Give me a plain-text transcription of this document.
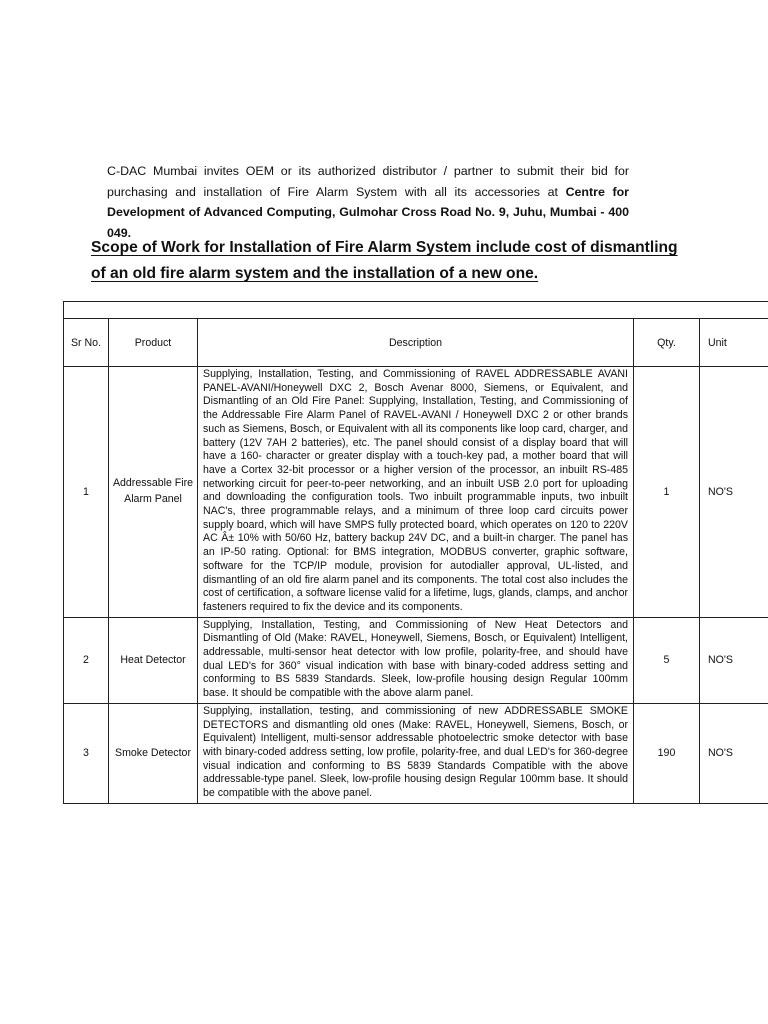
C-DAC Mumbai invites OEM or its authorized distributor / partner to submit their bid for purchasing and installation of Fire Alarm System with all its accessories at Centre for Development of Advanced Computing, Gulmohar Cross Road No. 9, Juhu, Mumbai - 400 049.
Scope of Work for Installation of Fire Alarm System include cost of dismantling of an old fire alarm system and the installation of a new one.

Sr No.	Product	Description	Qty.	Unit
1	Addressable Fire Alarm Panel	Supplying, Installation, Testing, and Commissioning of RAVEL ADDRESSABLE AVANI PANEL-AVANI/Honeywell DXC 2, Bosch Avenar 8000, Siemens, or Equivalent, and Dismantling of an Old Fire Panel: Supplying, Installation, Testing, and Commissioning of the Addressable Fire Alarm Panel of RAVEL-AVANI / Honeywell DXC 2 or other brands such as Siemens, Bosch, or Equivalent with all its components like loop card, charger, and battery (12V 7AH 2 batteries), etc. The panel should consist of a display board that will have a 160- character or greater display with a touch-key pad, a mother board that will have a Cortex 32-bit processor or a higher version of the processor, an inbuilt RS-485 networking circuit for peer-to-peer networking, and an inbuilt USB 2.0 port for uploading and downloading the configuration tools. Two inbuilt programmable inputs, two inbuilt NAC's, three programmable relays, and a minimum of three loop card circuits power supply board, which will have SMPS fully protected board, which operates on 120 to 220V AC Â± 10% with 50/60 Hz, battery backup 24V DC, and a built-in charger. The panel has an IP-50 rating. Optional: for BMS integration, MODBUS converter, graphic software, software for the TCP/IP module, provision for autodialler approval, UL-listed, and dismantling of an old fire alarm panel and its components. The total cost also includes the cost of certification, a software license valid for a lifetime, lugs, glands, clamps, and anchor fasteners required to fix the device and its components.	1	NO'S
2	Heat Detector	Supplying, Installation, Testing, and Commissioning of New Heat Detectors and Dismantling of Old (Make: RAVEL, Honeywell, Siemens, Bosch, or Equivalent) Intelligent, addressable, multi-sensor heat detector with low profile, polarity-free, and should have dual LED's for 360° visual indication with base with binary-coded address setting and conforming to BS 5839 Standards. Sleek, low-profile housing design Regular 100mm base. It should be compatible with the above alarm panel.	5	NO'S
3	Smoke Detector	Supplying, installation, testing, and commissioning of new ADDRESSABLE SMOKE DETECTORS and dismantling old ones (Make: RAVEL, Honeywell, Siemens, Bosch, or Equivalent) Intelligent, multi-sensor addressable photoelectric smoke detector with base with binary-coded address setting, low profile, polarity-free, and dual LED's for 360-degree visual indication and conforming to BS 5839 Standards Compatible with the above addressable-type panel. Sleek, low-profile housing design Regular 100mm base. It should be compatible with the above panel.	190	NO'S
